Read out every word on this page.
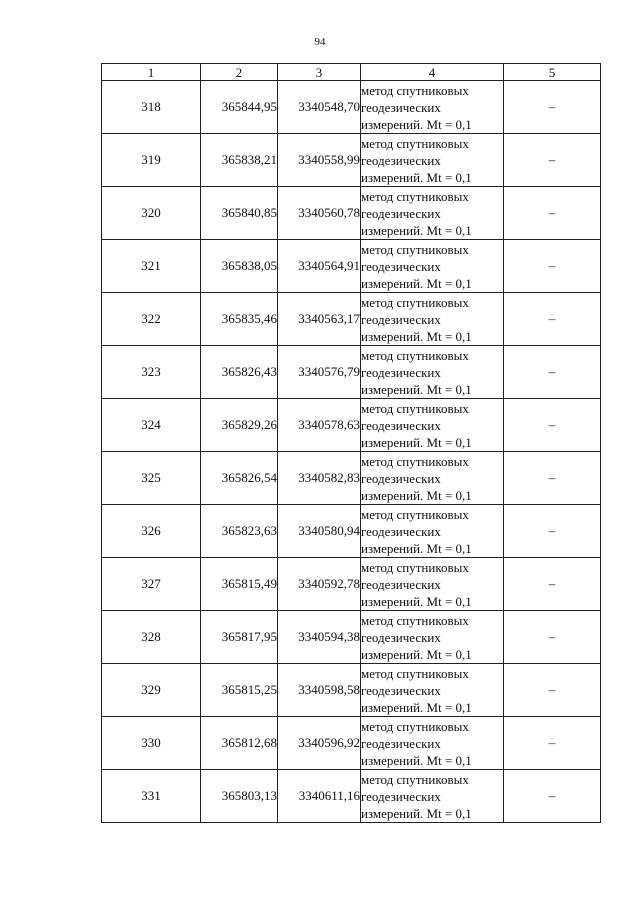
94
1	2	3	4	5
318	365844,95	3340548,70	метод спутниковых
геодезических
измерений. Mt = 0,1	–
319	365838,21	3340558,99	метод спутниковых
геодезических
измерений. Mt = 0,1	–
320	365840,85	3340560,78	метод спутниковых
геодезических
измерений. Mt = 0,1	–
321	365838,05	3340564,91	метод спутниковых
геодезических
измерений. Mt = 0,1	–
322	365835,46	3340563,17	метод спутниковых
геодезических
измерений. Mt = 0,1	–
323	365826,43	3340576,79	метод спутниковых
геодезических
измерений. Mt = 0,1	–
324	365829,26	3340578,63	метод спутниковых
геодезических
измерений. Mt = 0,1	–
325	365826,54	3340582,83	метод спутниковых
геодезических
измерений. Mt = 0,1	–
326	365823,63	3340580,94	метод спутниковых
геодезических
измерений. Mt = 0,1	–
327	365815,49	3340592,78	метод спутниковых
геодезических
измерений. Mt = 0,1	–
328	365817,95	3340594,38	метод спутниковых
геодезических
измерений. Mt = 0,1	–
329	365815,25	3340598,58	метод спутниковых
геодезических
измерений. Mt = 0,1	–
330	365812,68	3340596,92	метод спутниковых
геодезических
измерений. Mt = 0,1	–
331	365803,13	3340611,16	метод спутниковых
геодезических
измерений. Mt = 0,1	–
